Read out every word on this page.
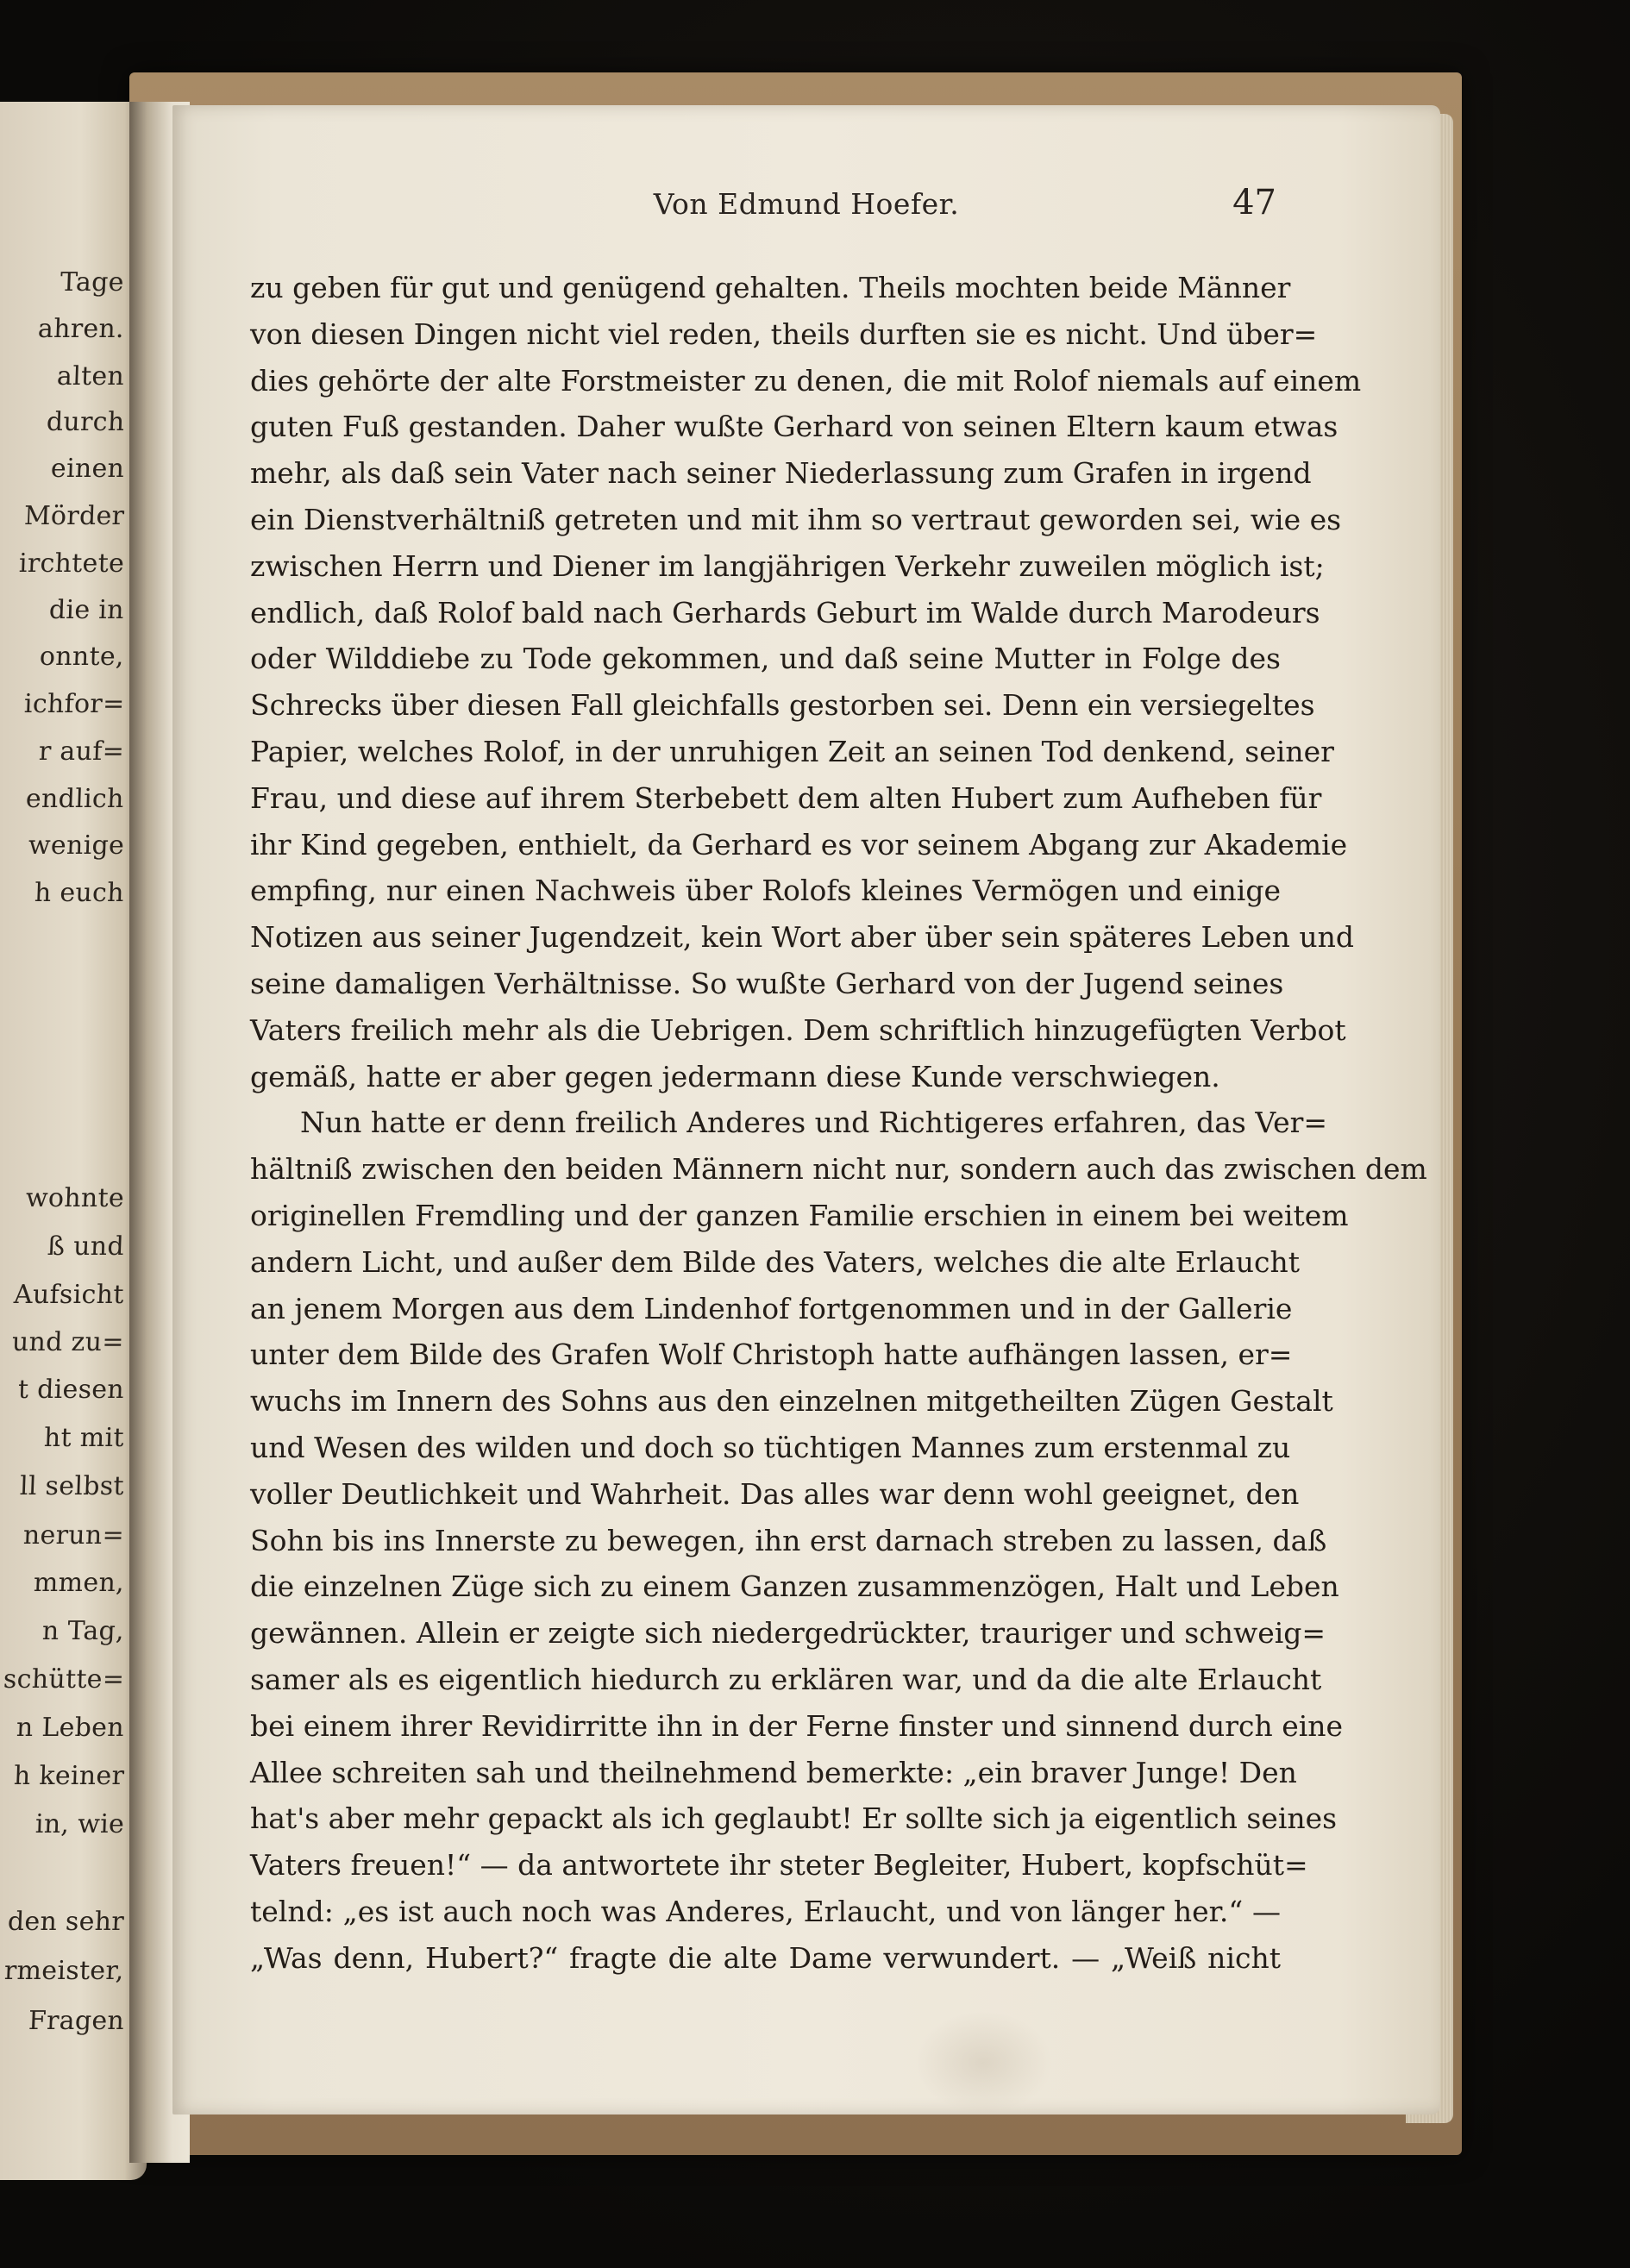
Tage
ahren.
alten
durch
einen
Mörder
irchtete
die in
onnte,
ichfor=
r auf=
endlich
wenige
h euch
wohnte
ß und
Aufsicht
und zu=
t diesen
ht mit
ll selbst
nerun=
mmen,
n Tag,
schütte=
n Leben
h keiner
in, wie
den sehr
rmeister,
Fragen
Von Edmund Hoefer.	47
zu geben für gut und genügend gehalten. Theils mochten beide Männer
von diesen Dingen nicht viel reden, theils durften sie es nicht. Und über=
dies gehörte der alte Forstmeister zu denen, die mit Rolof niemals auf einem
guten Fuß gestanden. Daher wußte Gerhard von seinen Eltern kaum etwas
mehr, als daß sein Vater nach seiner Niederlassung zum Grafen in irgend
ein Dienstverhältniß getreten und mit ihm so vertraut geworden sei, wie es
zwischen Herrn und Diener im langjährigen Verkehr zuweilen möglich ist;
endlich, daß Rolof bald nach Gerhards Geburt im Walde durch Marodeurs
oder Wilddiebe zu Tode gekommen, und daß seine Mutter in Folge des
Schrecks über diesen Fall gleichfalls gestorben sei. Denn ein versiegeltes
Papier, welches Rolof, in der unruhigen Zeit an seinen Tod denkend, seiner
Frau, und diese auf ihrem Sterbebett dem alten Hubert zum Aufheben für
ihr Kind gegeben, enthielt, da Gerhard es vor seinem Abgang zur Akademie
empfing, nur einen Nachweis über Rolofs kleines Vermögen und einige
Notizen aus seiner Jugendzeit, kein Wort aber über sein späteres Leben und
seine damaligen Verhältnisse. So wußte Gerhard von der Jugend seines
Vaters freilich mehr als die Uebrigen. Dem schriftlich hinzugefügten Verbot
gemäß, hatte er aber gegen jedermann diese Kunde verschwiegen.
Nun hatte er denn freilich Anderes und Richtigeres erfahren, das Ver=
hältniß zwischen den beiden Männern nicht nur, sondern auch das zwischen dem
originellen Fremdling und der ganzen Familie erschien in einem bei weitem
andern Licht, und außer dem Bilde des Vaters, welches die alte Erlaucht
an jenem Morgen aus dem Lindenhof fortgenommen und in der Gallerie
unter dem Bilde des Grafen Wolf Christoph hatte aufhängen lassen, er=
wuchs im Innern des Sohns aus den einzelnen mitgetheilten Zügen Gestalt
und Wesen des wilden und doch so tüchtigen Mannes zum erstenmal zu
voller Deutlichkeit und Wahrheit. Das alles war denn wohl geeignet, den
Sohn bis ins Innerste zu bewegen, ihn erst darnach streben zu lassen, daß
die einzelnen Züge sich zu einem Ganzen zusammenzögen, Halt und Leben
gewännen. Allein er zeigte sich niedergedrückter, trauriger und schweig=
samer als es eigentlich hiedurch zu erklären war, und da die alte Erlaucht
bei einem ihrer Revidirritte ihn in der Ferne finster und sinnend durch eine
Allee schreiten sah und theilnehmend bemerkte: „ein braver Junge! Den
hat's aber mehr gepackt als ich geglaubt! Er sollte sich ja eigentlich seines
Vaters freuen!“ — da antwortete ihr steter Begleiter, Hubert, kopfschüt=
telnd: „es ist auch noch was Anderes, Erlaucht, und von länger her.“ —
„Was denn, Hubert?“ fragte die alte Dame verwundert. — „Weiß nicht
